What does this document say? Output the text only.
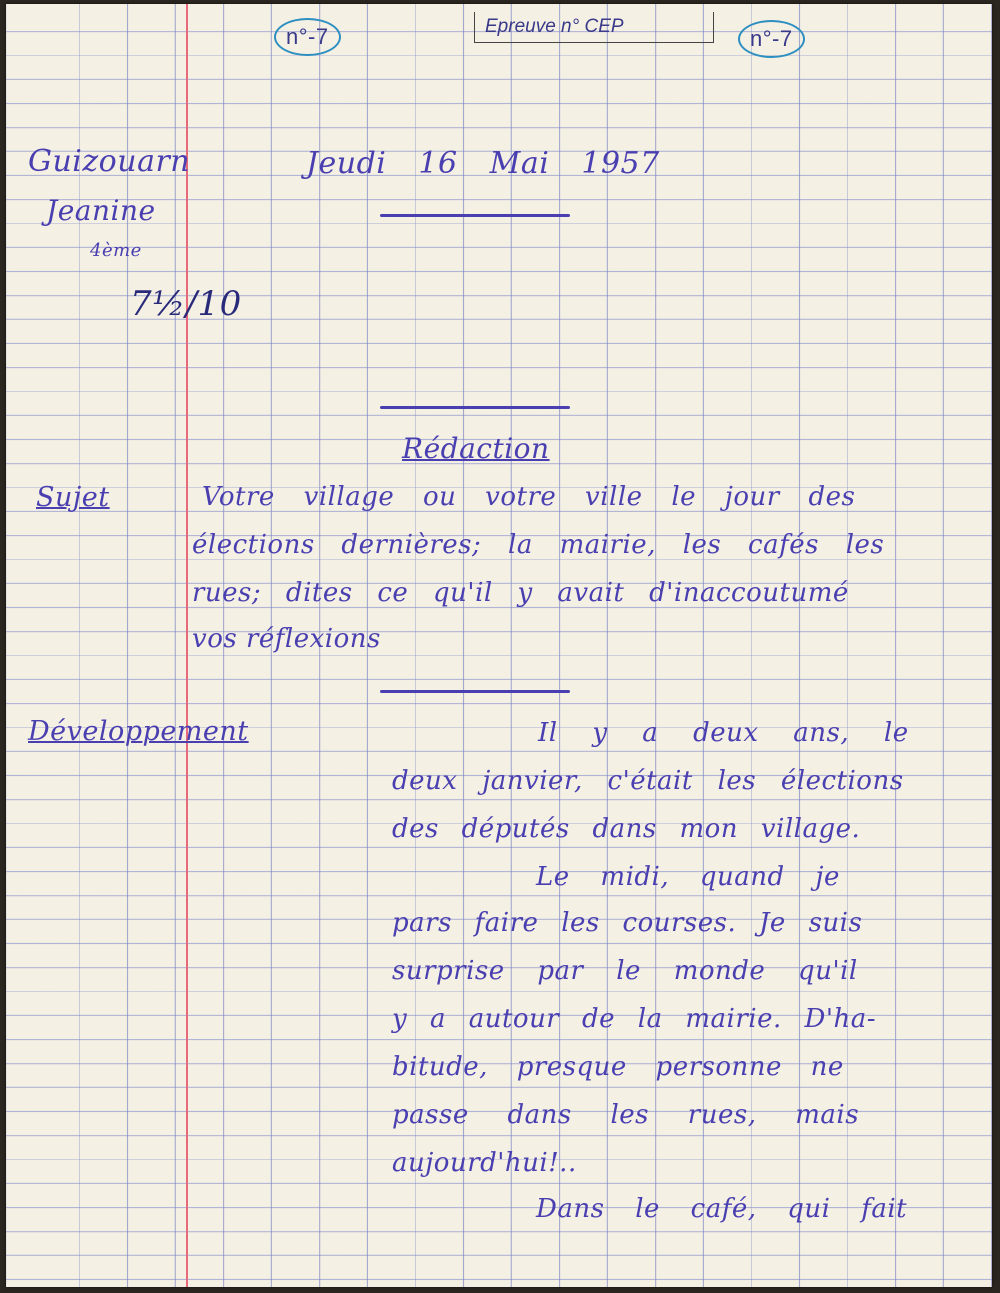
n°-7	Epreuve n° CEP	n°-7
Guizouarn
Jeanine
4ème
7½/10
Jeudi 16 Mai 1957
Rédaction
Sujet	Votre village ou votre ville le jour des
élections dernières; la mairie, les cafés les
rues; dites ce qu'il y avait d'inaccoutumé
vos réflexions
Développement	Il y a deux ans, le
deux janvier, c'était les élections
des députés dans mon village.
Le midi, quand je
pars faire les courses. Je suis
surprise par le monde qu'il
y a autour de la mairie. D'ha-
bitude, presque personne ne
passe dans les rues, mais
aujourd'hui!..
Dans le café, qui fait
